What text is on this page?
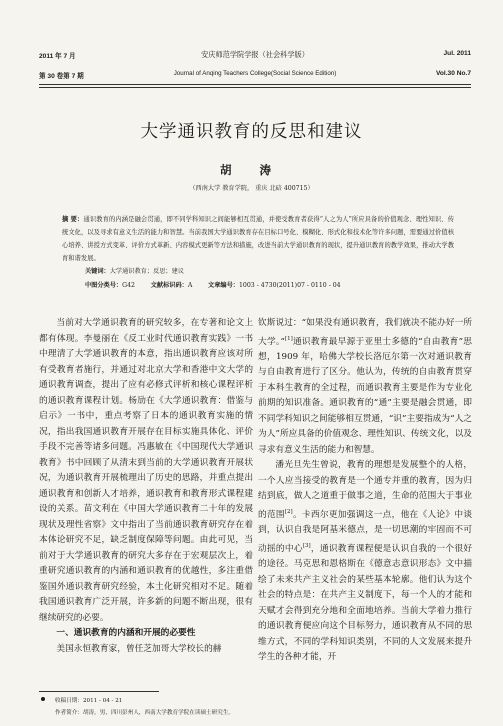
2011 年 7 月
第 30 卷第 7 期
安庆师范学院学报（社会科学版）
Journal of Anqing Teachers College(Social Science Edition)
Jul. 2011
Vol.30 No.7
大学通识教育的反思和建议
胡 涛
（西南大学 教育学院， 重庆 北碚 400715）
摘 要：通识教育的内涵是融会贯通，即不同学科知识之间能够相互贯通，并使受教育者获得“人之为人”所应具备的价值观念、理性知识、传统文化，以及寻求有意义生活的能力和智慧。当前我国大学通识教育存在目标口号化、模糊化、形式化和技术化等许多问题，需要通过价值核心培养、讲授方式变革、评价方式革新、内容模式更新等方法和措施，改进当前大学通识教育的现状，提升通识教育的教学效果，推动大学教育和谐发展。
关键词：大学通识教育；反思；建议
中图分类号：G42	文献标识码：A	文章编号：1003 - 4730(2011)07 - 0110 - 04

当前对大学通识教育的研究较多，在专著和论文上都有体现。李曼丽在《反工业时代通识教育实践》一书中理清了大学通识教育的本意，指出通识教育应该对所有受教育者施行，并通过对北京大学和香港中文大学的通识教育调查，提出了应有必修式评析和核心课程评析的通识教育课程计划。杨劢在《大学通识教育：借鉴与启示》一书中，重点考察了日本的通识教育实施的情况，指出我国通识教育开展存在目标实施具体化、评价手段不完善等诸多问题。冯惠敏在《中国现代大学通识教育》书中回顾了从清末到当前的大学通识教育开展状况，为通识教育开展梳理出了历史的思路，并重点提出通识教育和创新人才培养，通识教育和教育形式课程建设的关系。苗文利在《中国大学通识教育二十年的发展现状及理性省察》文中指出了当前通识教育研究存在着本体论研究不足，缺乏制度保障等问题。由此可见，当前对于大学通识教育的研究大多存在于宏观层次上，着重研究通识教育的内涵和通识教育的优越性，多注重借鉴国外通识教育研究经验，本土化研究相对不足。随着我国通识教育广泛开展，许多新的问题不断出现，很有继续研究的必要。

一、通识教育的内涵和开展的必要性

美国永恒教育家，曾任芝加哥大学校长的赫

钦斯说过：“如果没有通识教育，我们就决不能办好一所大学。”[1]通识教育最早源于亚里士多德的“自由教育”思想，1909 年，哈佛大学校长洛厄尔第一次对通识教育与自由教育进行了区分。他认为，传统的自由教育贯穿于本科生教育的全过程，而通识教育主要是作为专业化前期的知识准备。通识教育的“通”主要是融会贯通，即不同学科知识之间能够相互贯通，“识”主要指成为“人之为人”所应具备的价值观念、理性知识、传统文化，以及寻求有意义生活的能力和智慧。

潘光旦先生曾说，教育的理想是发展整个的人格，一个人应当接受的教育是一个通专并重的教育，因为归结到底，做人之道重于做事之道，生命的范围大于事业的范围[2]。卡西尔更加强调这一点，他在《人论》中谈到，认识自我是阿基米德点，是一切思潮的牢固而不可动摇的中心[3]，通识教育课程便是认识自我的一个很好的途径。马克思和恩格斯在《德意志意识形态》文中描绘了未来共产主义社会的某些基本轮廓。他们认为这个社会的特点是：在共产主义制度下，每一个人的才能和天赋才会得到充分地和全面地培养。当前大学着力推行的通识教育便应向这个目标努力，通识教育从不同的思维方式，不同的学科知识类别，不同的人文发展来提升学生的各种才能，开

收稿日期：2011 - 04 - 21
作者简介：胡涛，男，四川彭州人，西南大学教育学院在读硕士研究生。
